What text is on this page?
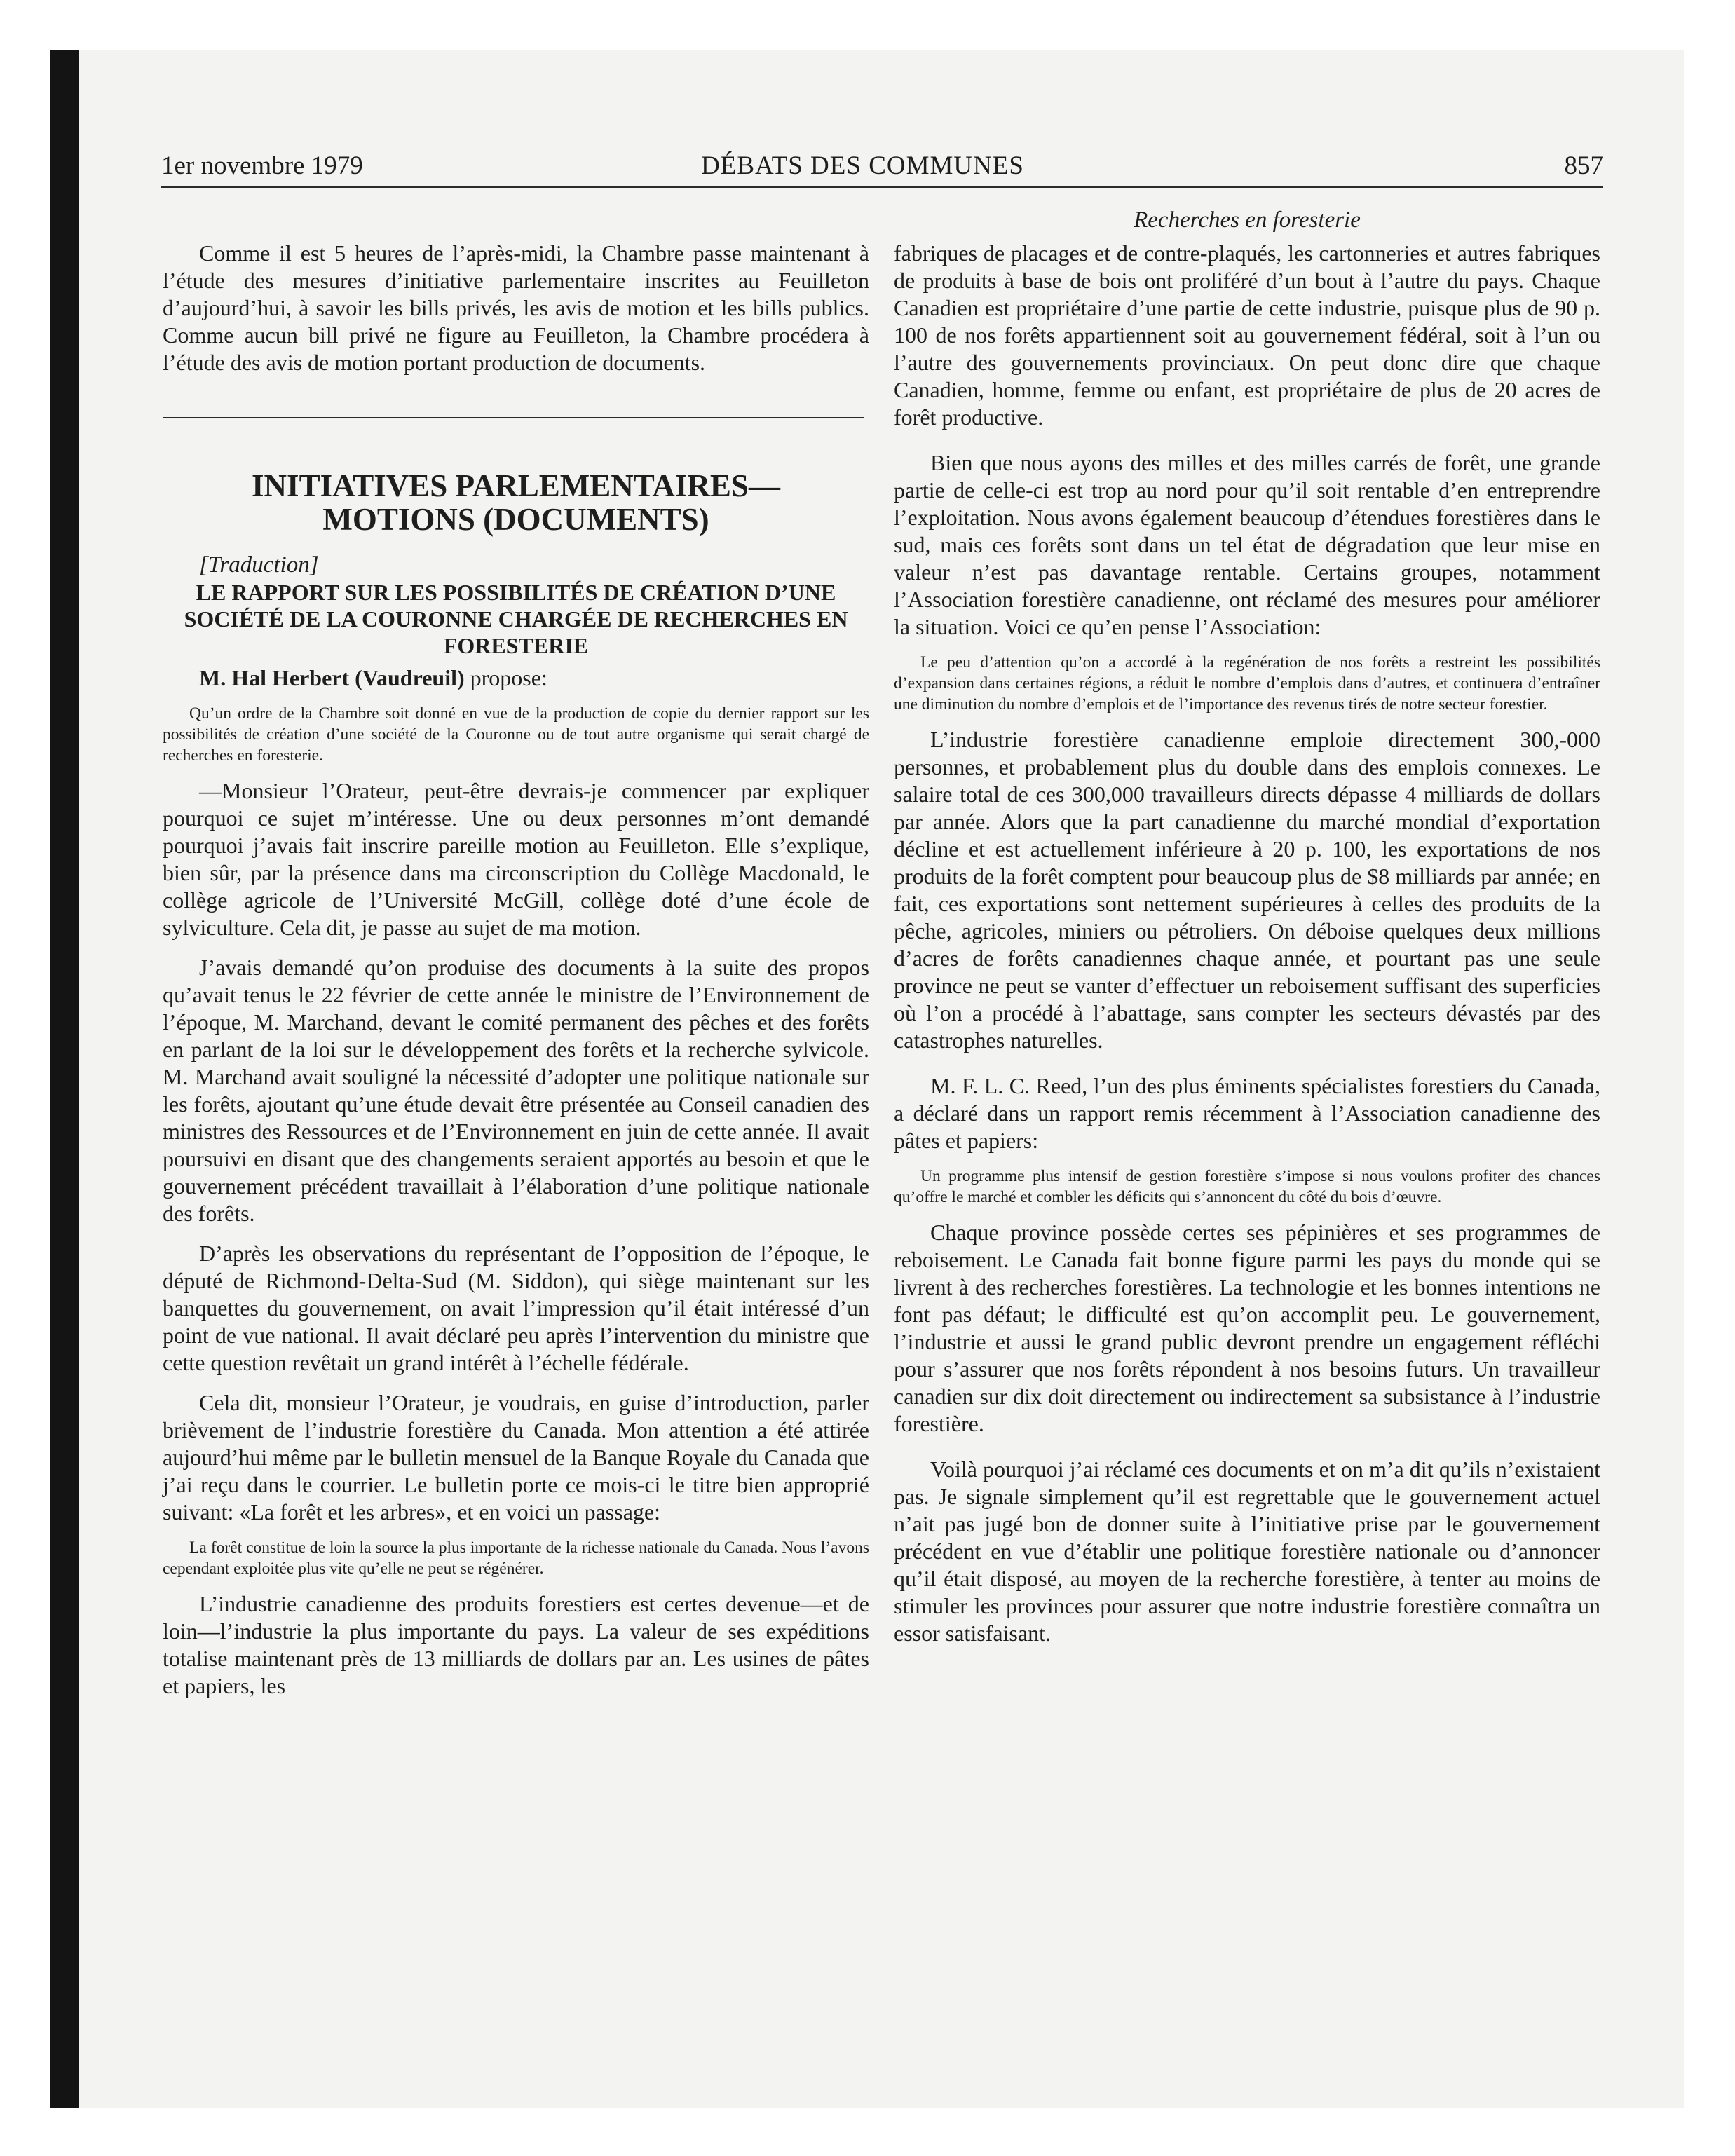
1er novembre 1979	DÉBATS DES COMMUNES	857
Recherches en foresterie

Comme il est 5 heures de l’après-midi, la Chambre passe maintenant à l’étude des mesures d’initiative parlementaire inscrites au Feuilleton d’aujourd’hui, à savoir les bills privés, les avis de motion et les bills publics. Comme aucun bill privé ne figure au Feuilleton, la Chambre procédera à l’étude des avis de motion portant production de documents.

INITIATIVES PARLEMENTAIRES—
MOTIONS (DOCUMENTS)

[Traduction]

LE RAPPORT SUR LES POSSIBILITÉS DE CRÉATION D’UNE SOCIÉTÉ DE LA COURONNE CHARGÉE DE RECHERCHES EN FORESTERIE

M. Hal Herbert (Vaudreuil) propose:

Qu’un ordre de la Chambre soit donné en vue de la production de copie du dernier rapport sur les possibilités de création d’une société de la Couronne ou de tout autre organisme qui serait chargé de recherches en foresterie.

—Monsieur l’Orateur, peut-être devrais-je commencer par expliquer pourquoi ce sujet m’intéresse. Une ou deux personnes m’ont demandé pourquoi j’avais fait inscrire pareille motion au Feuilleton. Elle s’explique, bien sûr, par la présence dans ma circonscription du Collège Macdonald, le collège agricole de l’Université McGill, collège doté d’une école de sylviculture. Cela dit, je passe au sujet de ma motion.

J’avais demandé qu’on produise des documents à la suite des propos qu’avait tenus le 22 février de cette année le ministre de l’Environnement de l’époque, M. Marchand, devant le comité permanent des pêches et des forêts en parlant de la loi sur le développement des forêts et la recherche sylvicole. M. Marchand avait souligné la nécessité d’adopter une politique nationale sur les forêts, ajoutant qu’une étude devait être présentée au Conseil canadien des ministres des Ressources et de l’Environnement en juin de cette année. Il avait poursuivi en disant que des changements seraient apportés au besoin et que le gouvernement précédent travaillait à l’élaboration d’une politique nationale des forêts.

D’après les observations du représentant de l’opposition de l’époque, le député de Richmond-Delta-Sud (M. Siddon), qui siège maintenant sur les banquettes du gouvernement, on avait l’impression qu’il était intéressé d’un point de vue national. Il avait déclaré peu après l’intervention du ministre que cette question revêtait un grand intérêt à l’échelle fédérale.

Cela dit, monsieur l’Orateur, je voudrais, en guise d’introduction, parler brièvement de l’industrie forestière du Canada. Mon attention a été attirée aujourd’hui même par le bulletin mensuel de la Banque Royale du Canada que j’ai reçu dans le courrier. Le bulletin porte ce mois-ci le titre bien approprié suivant: «La forêt et les arbres», et en voici un passage:

La forêt constitue de loin la source la plus importante de la richesse nationale du Canada. Nous l’avons cependant exploitée plus vite qu’elle ne peut se régénérer.

L’industrie canadienne des produits forestiers est certes devenue—et de loin—l’industrie la plus importante du pays. La valeur de ses expéditions totalise maintenant près de 13 milliards de dollars par an. Les usines de pâtes et papiers, les

fabriques de placages et de contre-plaqués, les cartonneries et autres fabriques de produits à base de bois ont proliféré d’un bout à l’autre du pays. Chaque Canadien est propriétaire d’une partie de cette industrie, puisque plus de 90 p. 100 de nos forêts appartiennent soit au gouvernement fédéral, soit à l’un ou l’autre des gouvernements provinciaux. On peut donc dire que chaque Canadien, homme, femme ou enfant, est propriétaire de plus de 20 acres de forêt productive.

Bien que nous ayons des milles et des milles carrés de forêt, une grande partie de celle-ci est trop au nord pour qu’il soit rentable d’en entreprendre l’exploitation. Nous avons également beaucoup d’étendues forestières dans le sud, mais ces forêts sont dans un tel état de dégradation que leur mise en valeur n’est pas davantage rentable. Certains groupes, notamment l’Association forestière canadienne, ont réclamé des mesures pour améliorer la situation. Voici ce qu’en pense l’Association:

Le peu d’attention qu’on a accordé à la regénération de nos forêts a restreint les possibilités d’expansion dans certaines régions, a réduit le nombre d’emplois dans d’autres, et continuera d’entraîner une diminution du nombre d’emplois et de l’importance des revenus tirés de notre secteur forestier.

L’industrie forestière canadienne emploie directement 300,-000 personnes, et probablement plus du double dans des emplois connexes. Le salaire total de ces 300,000 travailleurs directs dépasse 4 milliards de dollars par année. Alors que la part canadienne du marché mondial d’exportation décline et est actuellement inférieure à 20 p. 100, les exportations de nos produits de la forêt comptent pour beaucoup plus de $8 milliards par année; en fait, ces exportations sont nettement supérieures à celles des produits de la pêche, agricoles, miniers ou pétroliers. On déboise quelques deux millions d’acres de forêts canadiennes chaque année, et pourtant pas une seule province ne peut se vanter d’effectuer un reboisement suffisant des superficies où l’on a procédé à l’abattage, sans compter les secteurs dévastés par des catastrophes naturelles.

M. F. L. C. Reed, l’un des plus éminents spécialistes forestiers du Canada, a déclaré dans un rapport remis récemment à l’Association canadienne des pâtes et papiers:

Un programme plus intensif de gestion forestière s’impose si nous voulons profiter des chances qu’offre le marché et combler les déficits qui s’annoncent du côté du bois d’œuvre.

Chaque province possède certes ses pépinières et ses programmes de reboisement. Le Canada fait bonne figure parmi les pays du monde qui se livrent à des recherches forestières. La technologie et les bonnes intentions ne font pas défaut; le difficulté est qu’on accomplit peu. Le gouvernement, l’industrie et aussi le grand public devront prendre un engagement réfléchi pour s’assurer que nos forêts répondent à nos besoins futurs. Un travailleur canadien sur dix doit directement ou indirectement sa subsistance à l’industrie forestière.

Voilà pourquoi j’ai réclamé ces documents et on m’a dit qu’ils n’existaient pas. Je signale simplement qu’il est regrettable que le gouvernement actuel n’ait pas jugé bon de donner suite à l’initiative prise par le gouvernement précédent en vue d’établir une politique forestière nationale ou d’annoncer qu’il était disposé, au moyen de la recherche forestière, à tenter au moins de stimuler les provinces pour assurer que notre industrie forestière connaîtra un essor satisfaisant.
